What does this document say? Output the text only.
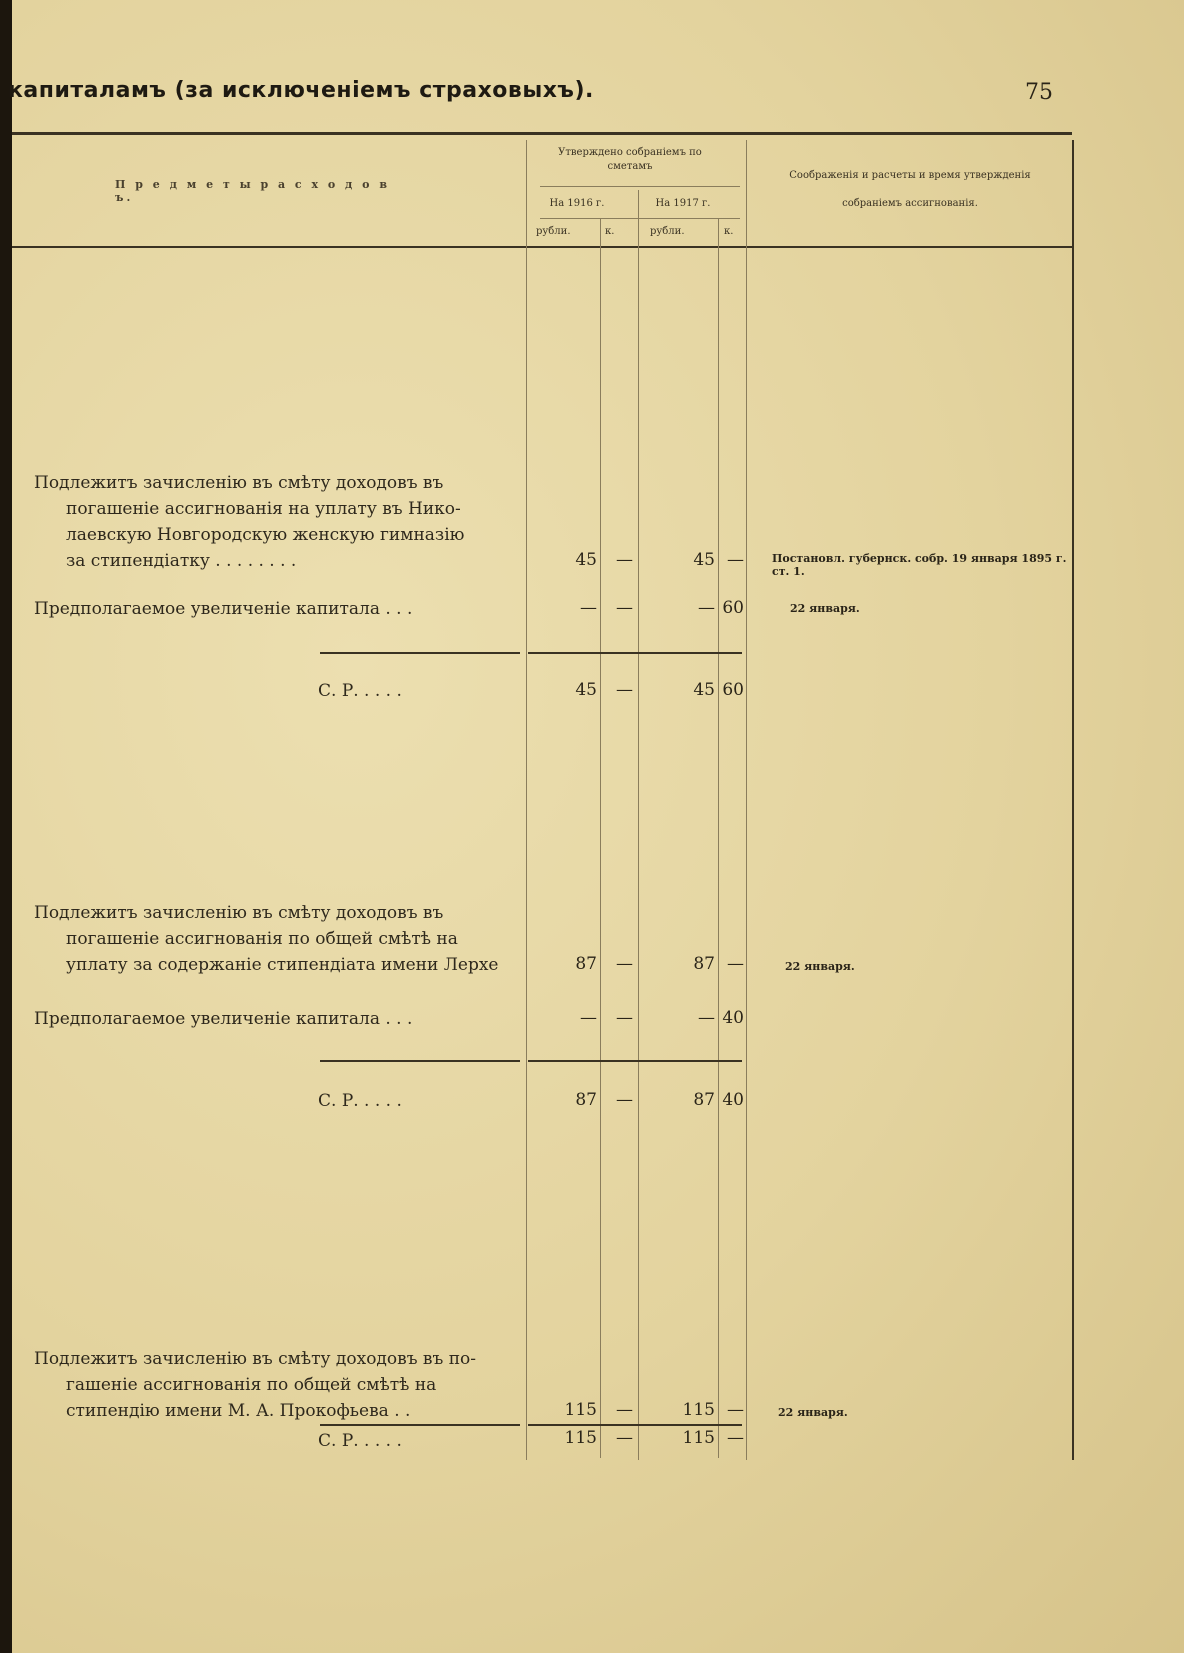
капиталамъ (за исключеніемъ страховыхъ).	75
П р е д м е т ы р а с х о д о в ъ.
Утверждено собраніемъ по сметамъ
На 1916 г.	На 1917 г.
рубли.	к.	рубли.	к.
Соображенія и расчеты и время утвержденія собраніемъ ассигнованія.
Подлежитъ зачисленію въ смѣту доходовъ въ
погашеніе ассигнованія на уплату въ Нико-
лаевскую Новгородскую женскую гимназію
за стипендіатку . . . . . . . .	45	—	45 —	Постановл. губернск. собр. 19 января 1895 г. ст. 1.
Предполагаемое увеличеніе капитала . . .	—	—	— 60	22 января.
С. Р. . . . .	45	—	45 60
Подлежитъ зачисленію въ смѣту доходовъ въ
погашеніе ассигнованія по общей смѣтѣ на
уплату за содержаніе стипендіата имени Лерхе	87	—	87 —	22 января.
Предполагаемое увеличеніе капитала . . .	—	—	— 40
С. Р. . . . .	87	—	87 40
Подлежитъ зачисленію въ смѣту доходовъ въ по-
гашеніе ассигнованія по общей смѣтѣ на
стипендію имени М. А. Прокофьева . .	115	—	115 —	22 января.
С. Р. . . . .	115	—	115 —
